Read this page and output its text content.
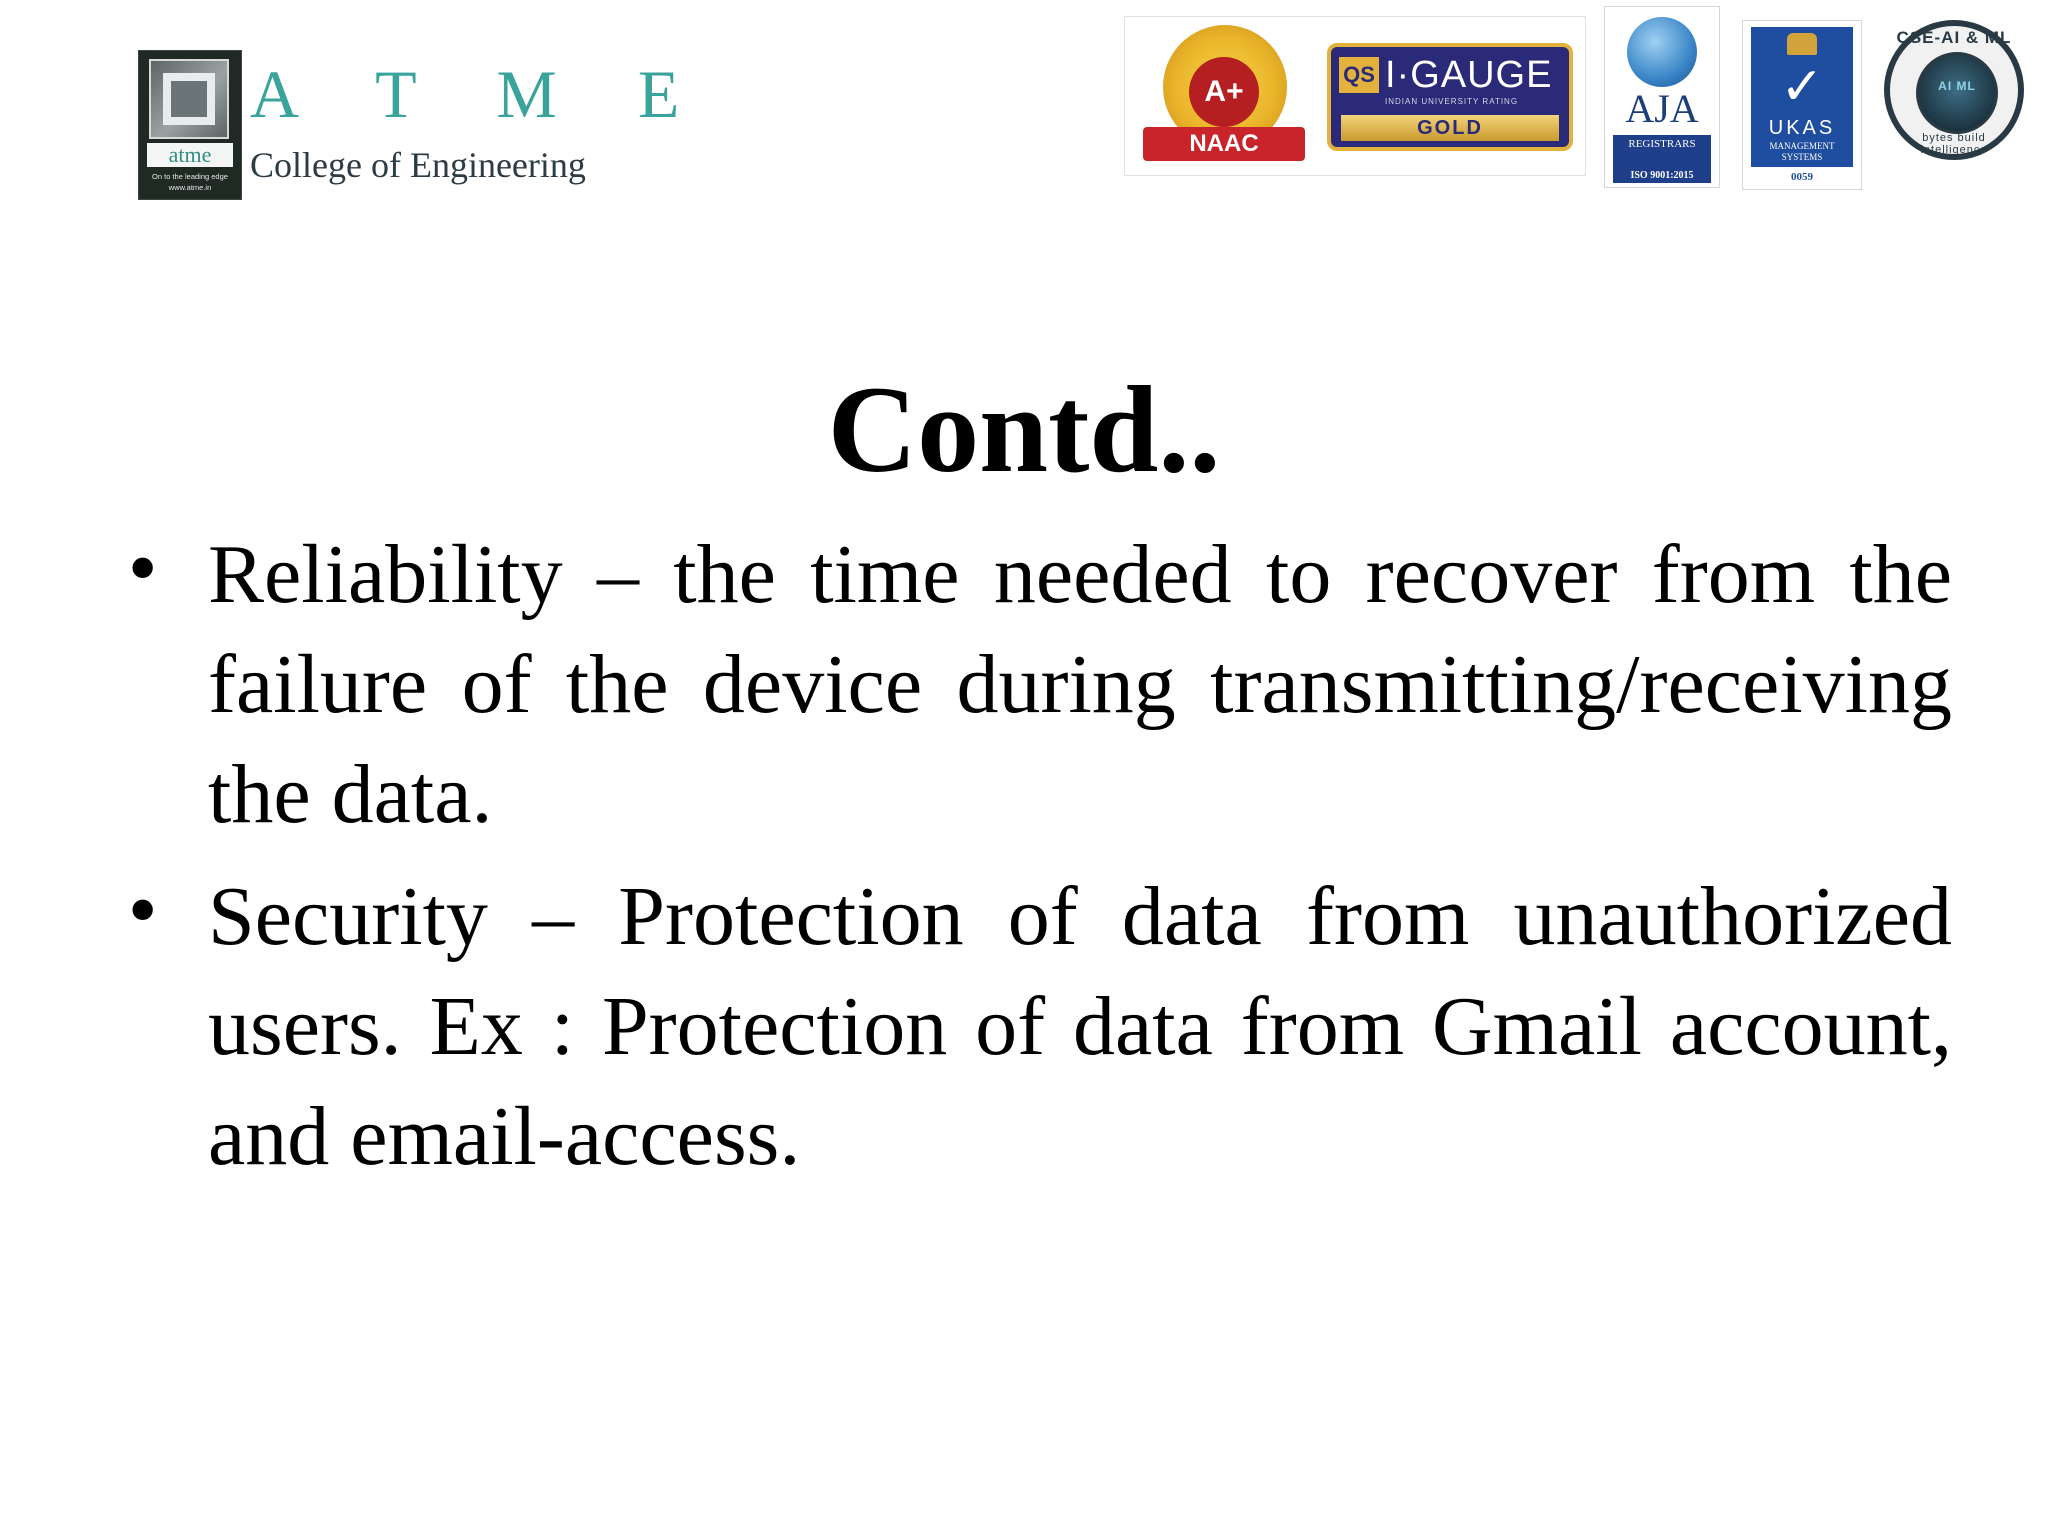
atme
On to the leading edge
www.atme.in
A T M E
College of Engineering
A+
NAAC
QS I·GAUGE
INDIAN UNIVERSITY RATING
GOLD	AJA
REGISTRARS
ISO 9001:2015
✓
UKAS
MANAGEMENT SYSTEMS
0059
CSE-AI & ML
AI ML
bytes build intelligence
Contd..
• Reliability – the time needed to recover from the failure of the device during transmitting/receiving the data.
• Security – Protection of data from unauthorized users. Ex : Protection of data from Gmail account, and email-access.
